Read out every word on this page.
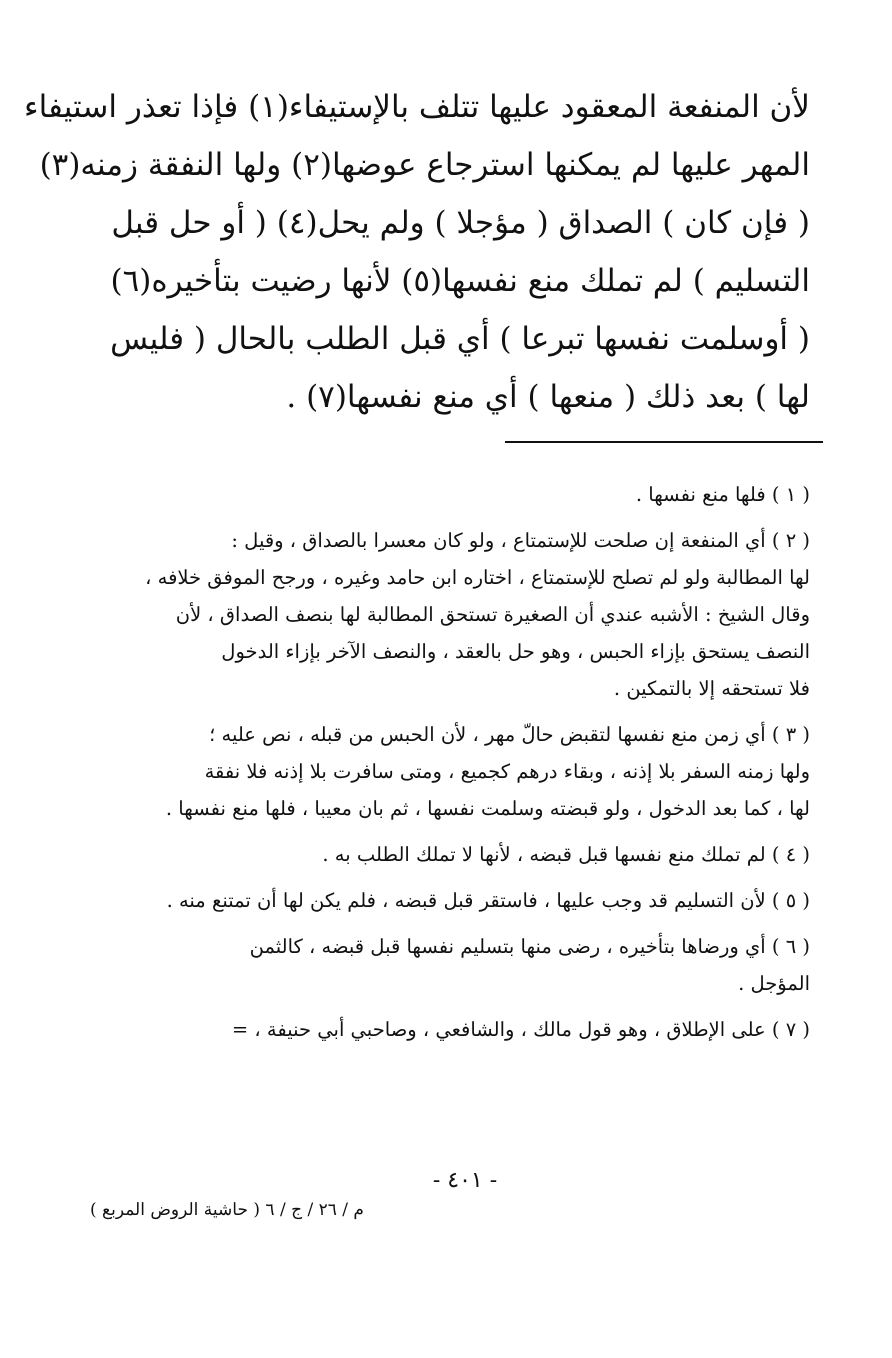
لأن المنفعة المعقود عليها تتلف بالإستيفاء(١) فإذا تعذر استيفاء
المهر عليها لم يمكنها استرجاع عوضها(٢) ولها النفقة زمنه(٣)
( فإن كان ) الصداق ( مؤجلا ) ولم يحل(٤) ( أو حل قبل
التسليم ) لم تملك منع نفسها(٥) لأنها رضيت بتأخيره(٦)
( أوسلمت نفسها تبرعا ) أي قبل الطلب بالحال ( فليس
لها ) بعد ذلك ( منعها ) أي منع نفسها(٧) .
( ١ ) فلها منع نفسها .
( ٢ ) أي المنفعة إن صلحت للإستمتاع ، ولو كان معسرا بالصداق ، وقيل :
لها المطالبة ولو لم تصلح للإستمتاع ، اختاره ابن حامد وغيره ، ورجح الموفق خلافه ،
وقال الشيخ : الأشبه عندي أن الصغيرة تستحق المطالبة لها بنصف الصداق ، لأن
النصف يستحق بإزاء الحبس ، وهو حل بالعقد ، والنصف الآخر بإزاء الدخول
فلا تستحقه إلا بالتمكين .
( ٣ ) أي زمن منع نفسها لتقبض حالّ مهر ، لأن الحبس من قبله ، نص عليه ؛
ولها زمنه السفر بلا إذنه ، وبقاء درهم كجميع ، ومتى سافرت بلا إذنه فلا نفقة
لها ، كما بعد الدخول ، ولو قبضته وسلمت نفسها ، ثم بان معيبا ، فلها منع نفسها .
( ٤ ) لم تملك منع نفسها قبل قبضه ، لأنها لا تملك الطلب به .
( ٥ ) لأن التسليم قد وجب عليها ، فاستقر قبل قبضه ، فلم يكن لها أن تمتنع منه .
( ٦ ) أي ورضاها بتأخيره ، رضى منها بتسليم نفسها قبل قبضه ، كالثمن
المؤجل .
( ٧ ) على الإطلاق ، وهو قول مالك ، والشافعي ، وصاحبي أبي حنيفة ، =
- ٤٠١ -
م / ٢٦ / ج / ٦ ( حاشية الروض المربع )
